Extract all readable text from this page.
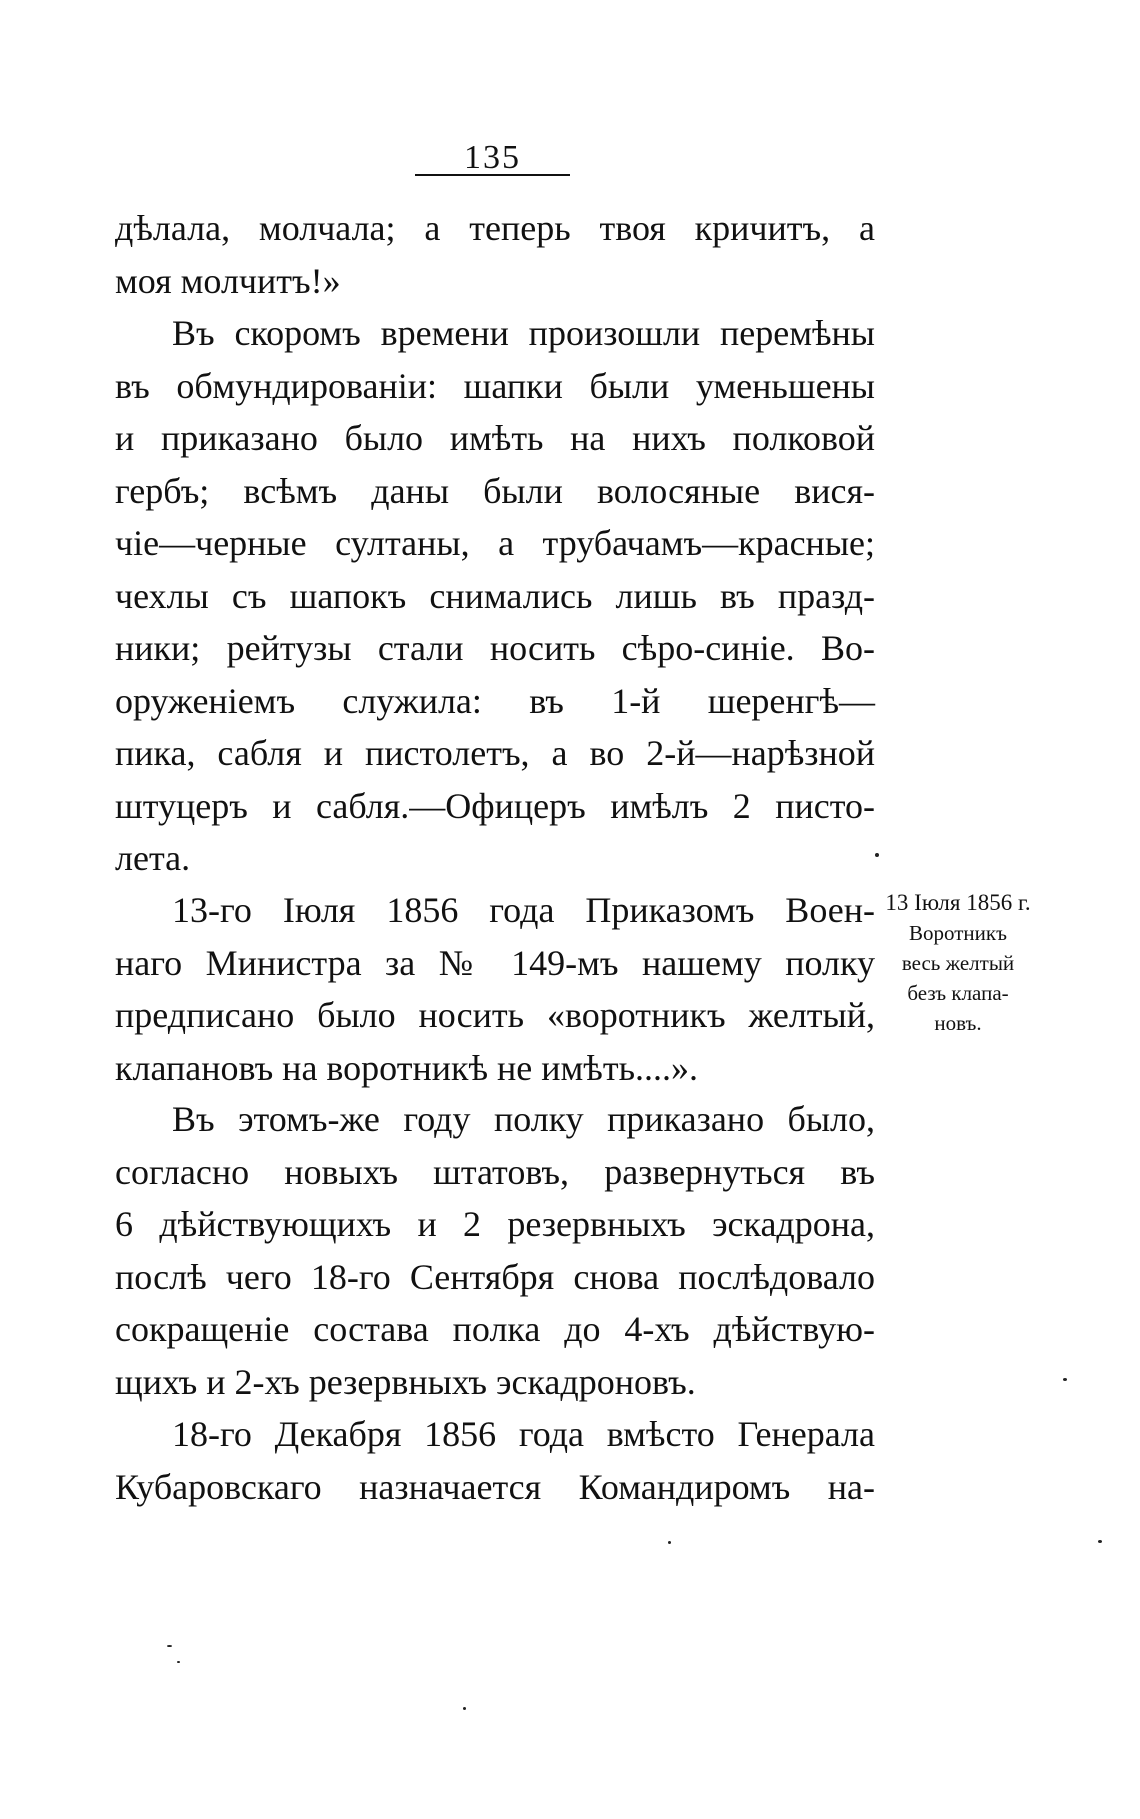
135
дѣлала, молчала; а теперь твоя кричитъ, а
моя молчитъ!»
Въ скоромъ времени произошли перемѣны
въ обмундированіи: шапки были уменьшены
и приказано было имѣть на нихъ полковой
гербъ; всѣмъ даны были волосяные вися-
чіе—черные султаны, а трубачамъ—красные;
чехлы съ шапокъ снимались лишь въ празд-
ники; рейтузы стали носить сѣро-синіе. Во-
оруженіемъ служила: въ 1-й шеренгѣ—
пика, сабля и пистолетъ, а во 2-й—нарѣзной
штуцеръ и сабля.—Офицеръ имѣлъ 2 писто-
лета.
13-го Іюля 1856 года Приказомъ Воен-
наго Министра за № 149-мъ нашему полку
предписано было носить «воротникъ желтый,
клапановъ на воротникѣ не имѣть....».
13 Іюля 1856 г.
Воротникъ
весь желтый
безъ клапа-
новъ.
Въ этомъ-же году полку приказано было,
согласно новыхъ штатовъ, развернуться въ
6 дѣйствующихъ и 2 резервныхъ эскадрона,
послѣ чего 18-го Сентября снова послѣдовало
сокращеніе состава полка до 4-хъ дѣйствую-
щихъ и 2-хъ резервныхъ эскадроновъ.
18-го Декабря 1856 года вмѣсто Генерала
Кубаровскаго назначается Командиромъ на-
